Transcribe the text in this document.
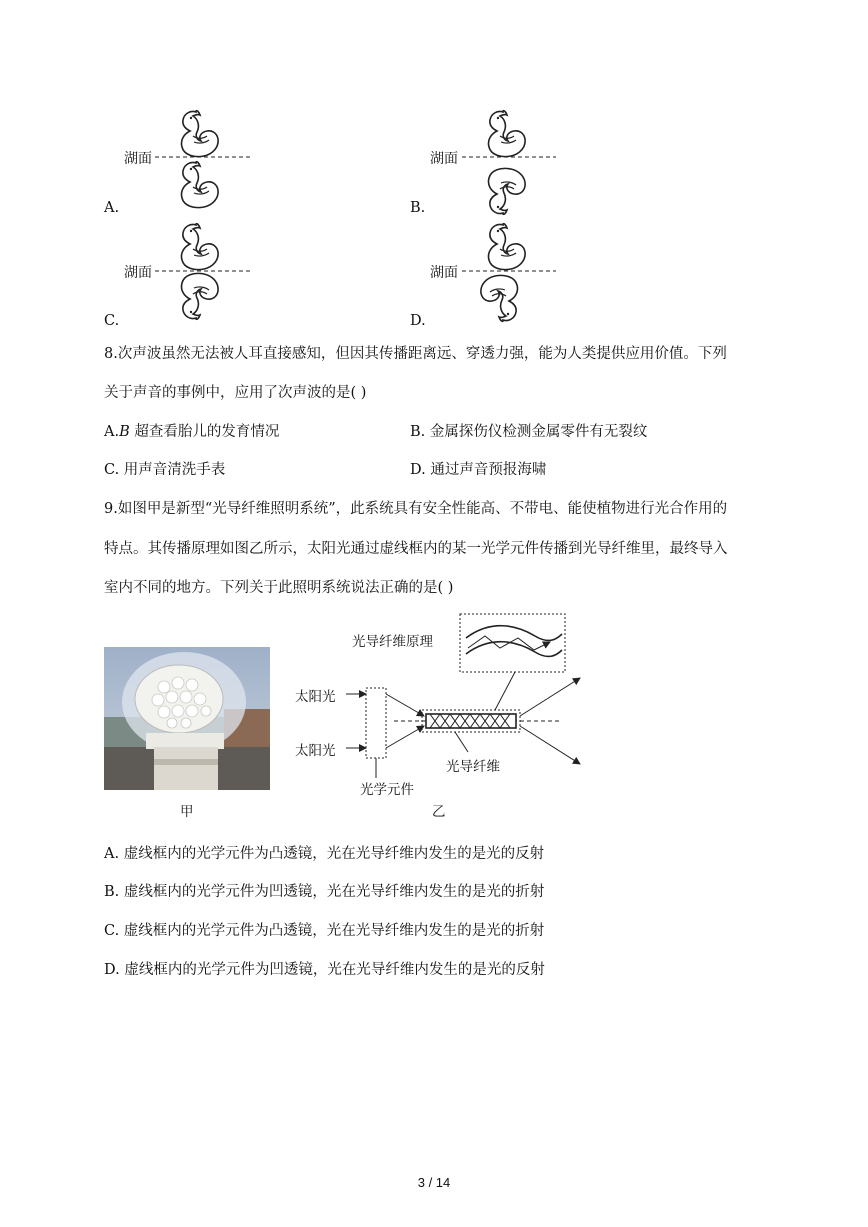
湖面
A.
湖面
B.
湖面
C.
湖面
D.
8.次声波虽然无法被人耳直接感知，但因其传播距离远、穿透力强，能为人类提供应用价值。下列
关于声音的事例中，应用了次声波的是( )
A.B 超查看胎儿的发育情况	B. 金属探伤仪检测金属零件有无裂纹
C. 用声音清洗手表	D. 通过声音预报海啸
9.如图甲是新型“光导纤维照明系统”，此系统具有安全性能高、不带电、能使植物进行光合作用的
特点。其传播原理如图乙所示，太阳光通过虚线框内的某一光学元件传播到光导纤维里，最终导入
室内不同的地方。下列关于此照明系统说法正确的是( )
甲
光导纤维原理
太阳光
太阳光
光导纤维
光学元件
乙
A. 虚线框内的光学元件为凸透镜，光在光导纤维内发生的是光的反射
B. 虚线框内的光学元件为凹透镜，光在光导纤维内发生的是光的折射
C. 虚线框内的光学元件为凸透镜，光在光导纤维内发生的是光的折射
D. 虚线框内的光学元件为凹透镜，光在光导纤维内发生的是光的反射
3 / 14
